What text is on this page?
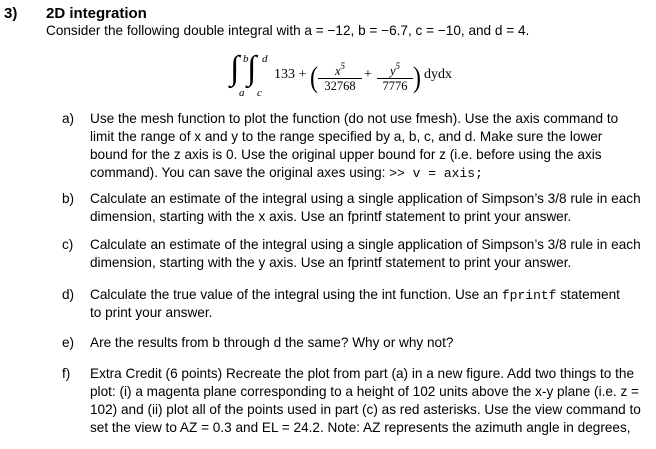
3) 2D integration
Consider the following double integral with a = −12, b = −6.7, c = −10, and d = 4.
∫ ∫
b d
a c
133 + ( $\frac{x^5}{32768} + \frac{y^5}{7776}$ ) dydx
a) Use the mesh function to plot the function (do not use fmesh). Use the axis command to
limit the range of x and y to the range specified by a, b, c, and d. Make sure the lower
bound for the z axis is 0. Use the original upper bound for z (i.e. before using the axis
command). You can save the original axes using: >> v = axis;
b) Calculate an estimate of the integral using a single application of Simpson’s 3/8 rule in each
dimension, starting with the x axis. Use an fprintf statement to print your answer.
c) Calculate an estimate of the integral using a single application of Simpson’s 3/8 rule in each
dimension, starting with the y axis. Use an fprintf statement to print your answer.
d) Calculate the true value of the integral using the int function. Use an fprintf statement
to print your answer.
e) Are the results from b through d the same? Why or why not?
f) Extra Credit (6 points) Recreate the plot from part (a) in a new figure. Add two things to the
plot: (i) a magenta plane corresponding to a height of 102 units above the x-y plane (i.e. z =
102) and (ii) plot all of the points used in part (c) as red asterisks. Use the view command to
set the view to AZ = 0.3 and EL = 24.2. Note: AZ represents the azimuth angle in degrees,
